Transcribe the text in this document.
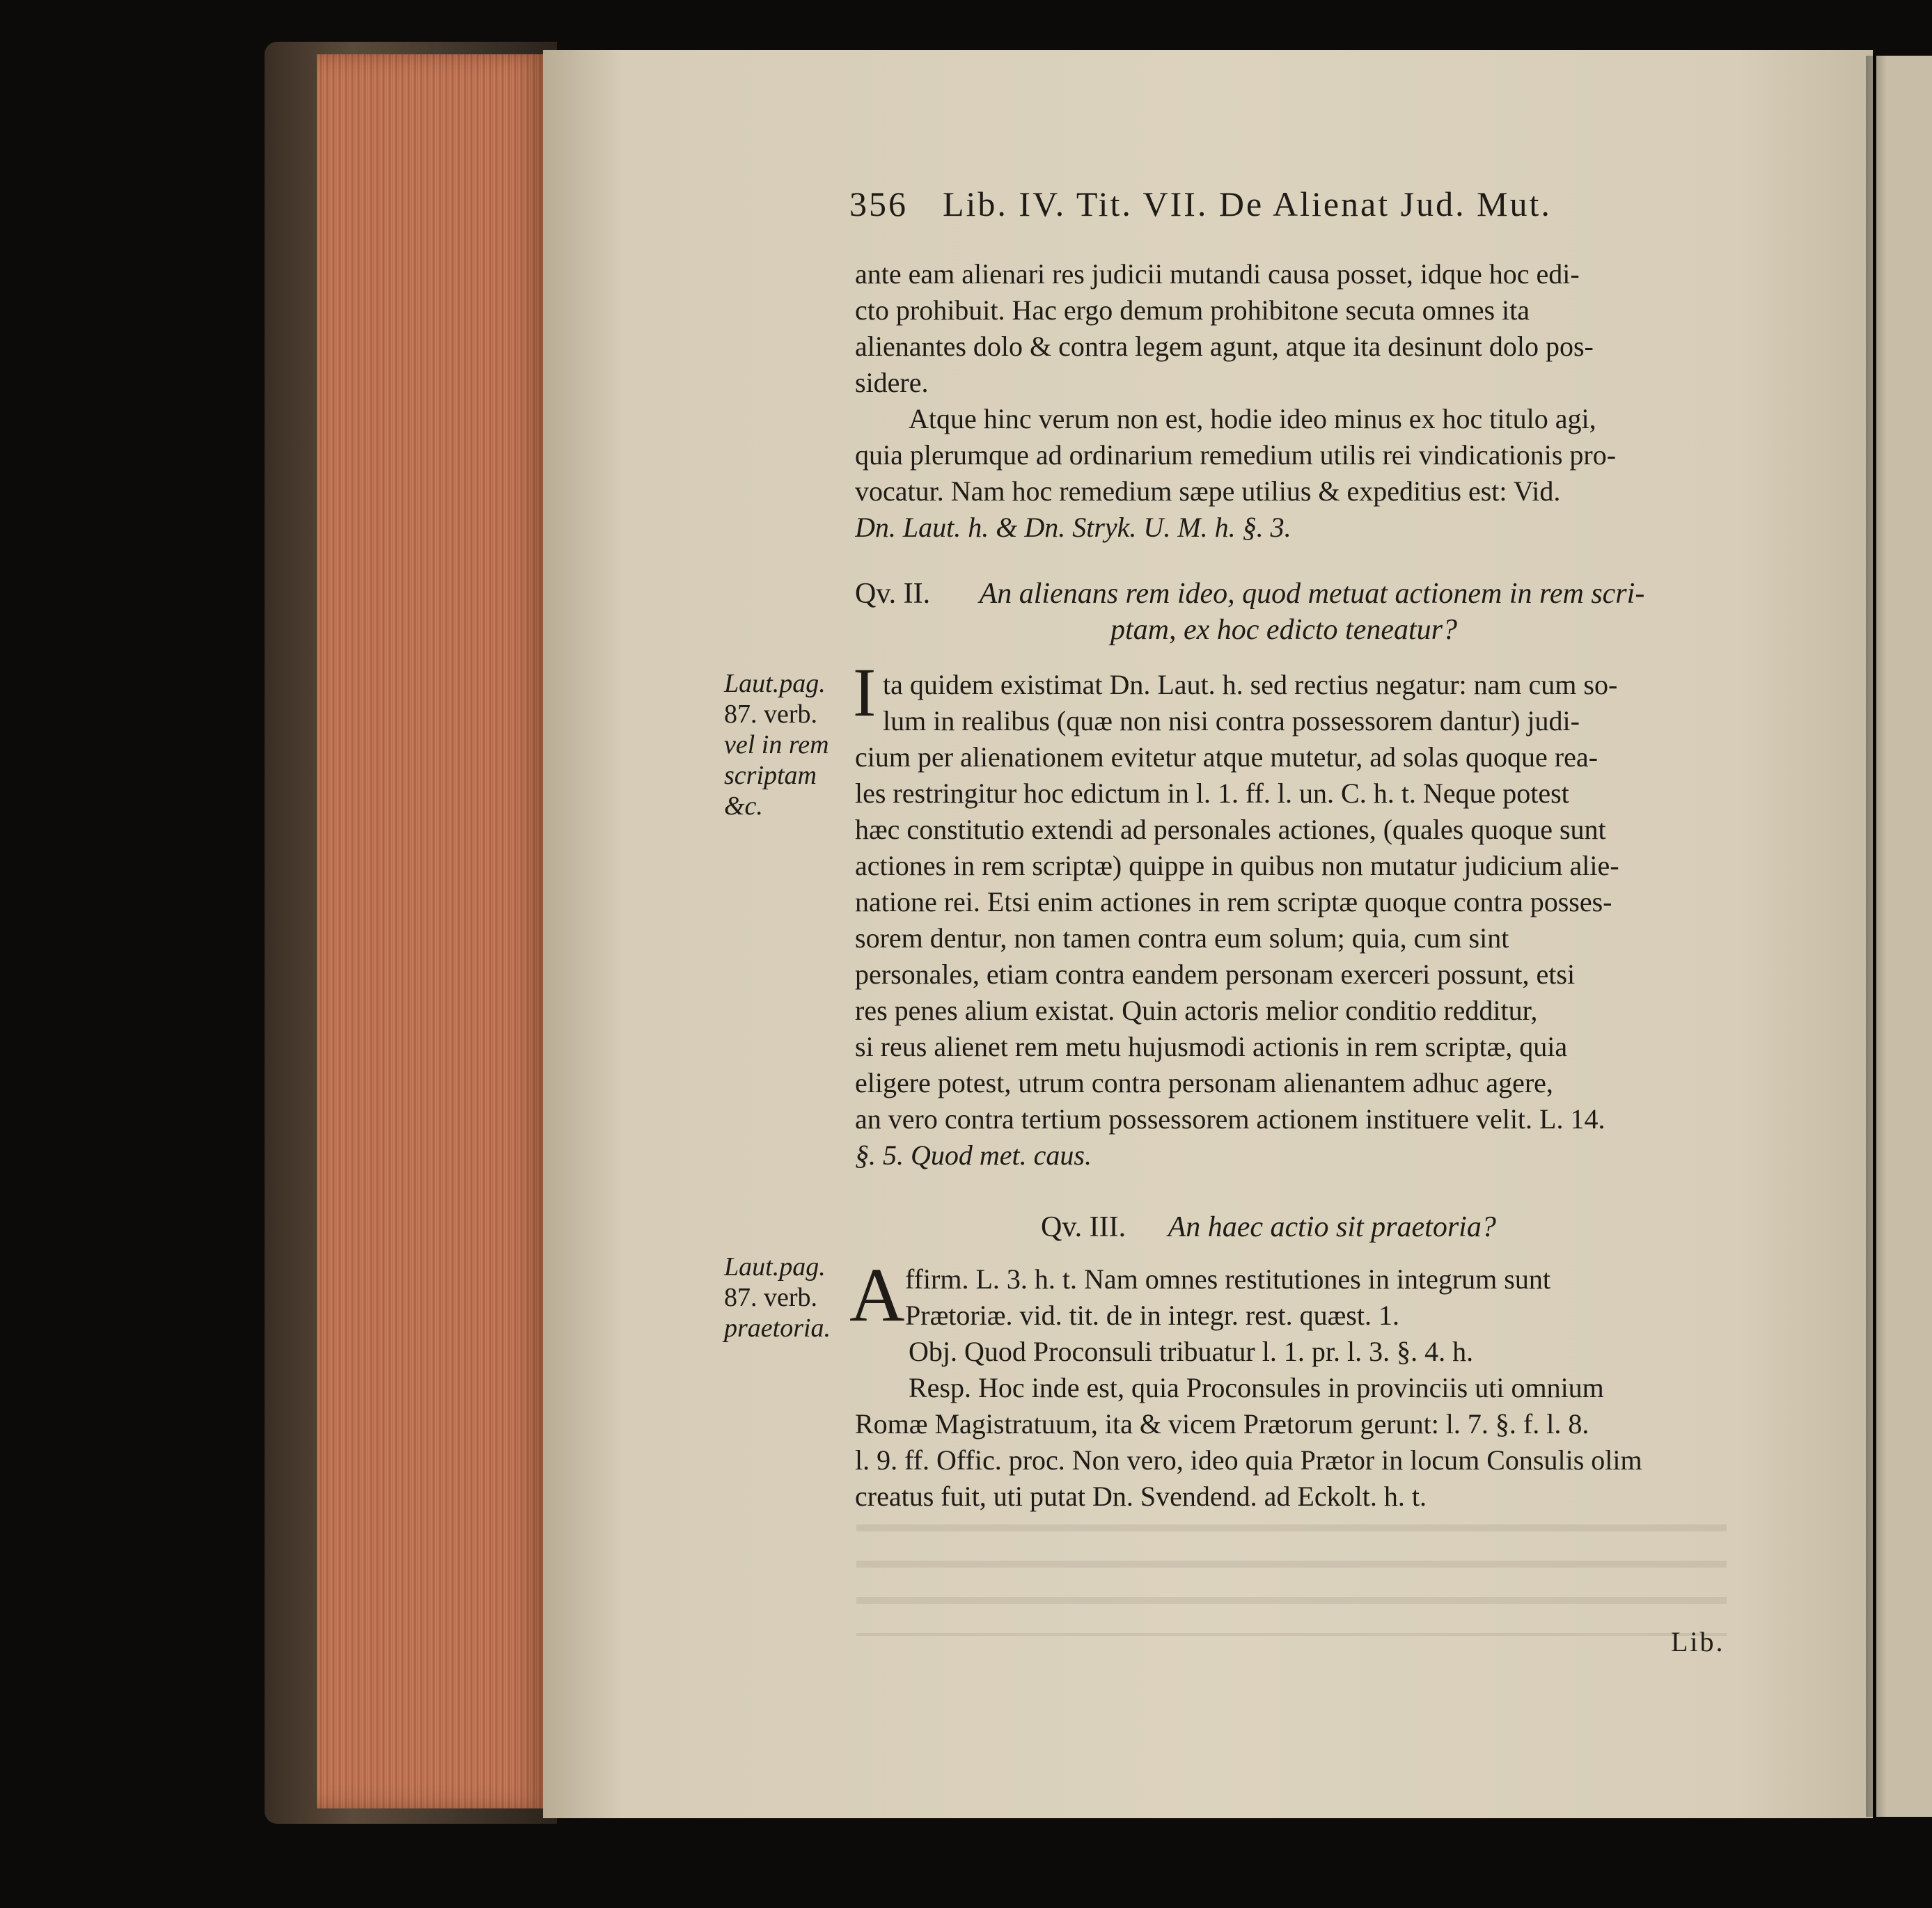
356 Lib. IV. Tit. VII. De Alienat Jud. Mut.
ante eam alienari res judicii mutandi causa posset, idque hoc edi-
cto prohibuit. Hac ergo demum prohibitone secuta omnes ita
alienantes dolo & contra legem agunt, atque ita desinunt dolo pos-
sidere.
Atque hinc verum non est, hodie ideo minus ex hoc titulo agi,
quia plerumque ad ordinarium remedium utilis rei vindicationis pro-
vocatur. Nam hoc remedium sæpe utilius & expeditius est: Vid.
Dn. Laut. h. & Dn. Stryk. U. M. h. §. 3.
Qv. II. An alienans rem ideo, quod metuat actionem in rem scri-
ptam, ex hoc edicto teneatur?
Laut.pag.
87. verb.
vel in rem
scriptam
&c.
I ta quidem existimat Dn. Laut. h. sed rectius negatur: nam cum so-
lum in realibus (quæ non nisi contra possessorem dantur) judi-
cium per alienationem evitetur atque mutetur, ad solas quoque rea-
les restringitur hoc edictum in l. 1. ff. l. un. C. h. t. Neque potest
hæc constitutio extendi ad personales actiones, (quales quoque sunt
actiones in rem scriptæ) quippe in quibus non mutatur judicium alie-
natione rei. Etsi enim actiones in rem scriptæ quoque contra posses-
sorem dentur, non tamen contra eum solum; quia, cum sint
personales, etiam contra eandem personam exerceri possunt, etsi
res penes alium existat. Quin actoris melior conditio redditur,
si reus alienet rem metu hujusmodi actionis in rem scriptæ, quia
eligere potest, utrum contra personam alienantem adhuc agere,
an vero contra tertium possessorem actionem instituere velit. L. 14.
§. 5. Quod met. caus.
Qv. III. An haec actio sit praetoria?
Laut.pag.
87. verb.
praetoria. A ffirm. L. 3. h. t. Nam omnes restitutiones in integrum sunt
Prætoriæ. vid. tit. de in integr. rest. quæst. 1.
Obj. Quod Proconsuli tribuatur l. 1. pr. l. 3. §. 4. h.
Resp. Hoc inde est, quia Proconsules in provinciis uti omnium
Romæ Magistratuum, ita & vicem Prætorum gerunt: l. 7. §. f. l. 8.
l. 9. ff. Offic. proc. Non vero, ideo quia Prætor in locum Consulis olim
creatus fuit, uti putat Dn. Svendend. ad Eckolt. h. t.
Lib.
